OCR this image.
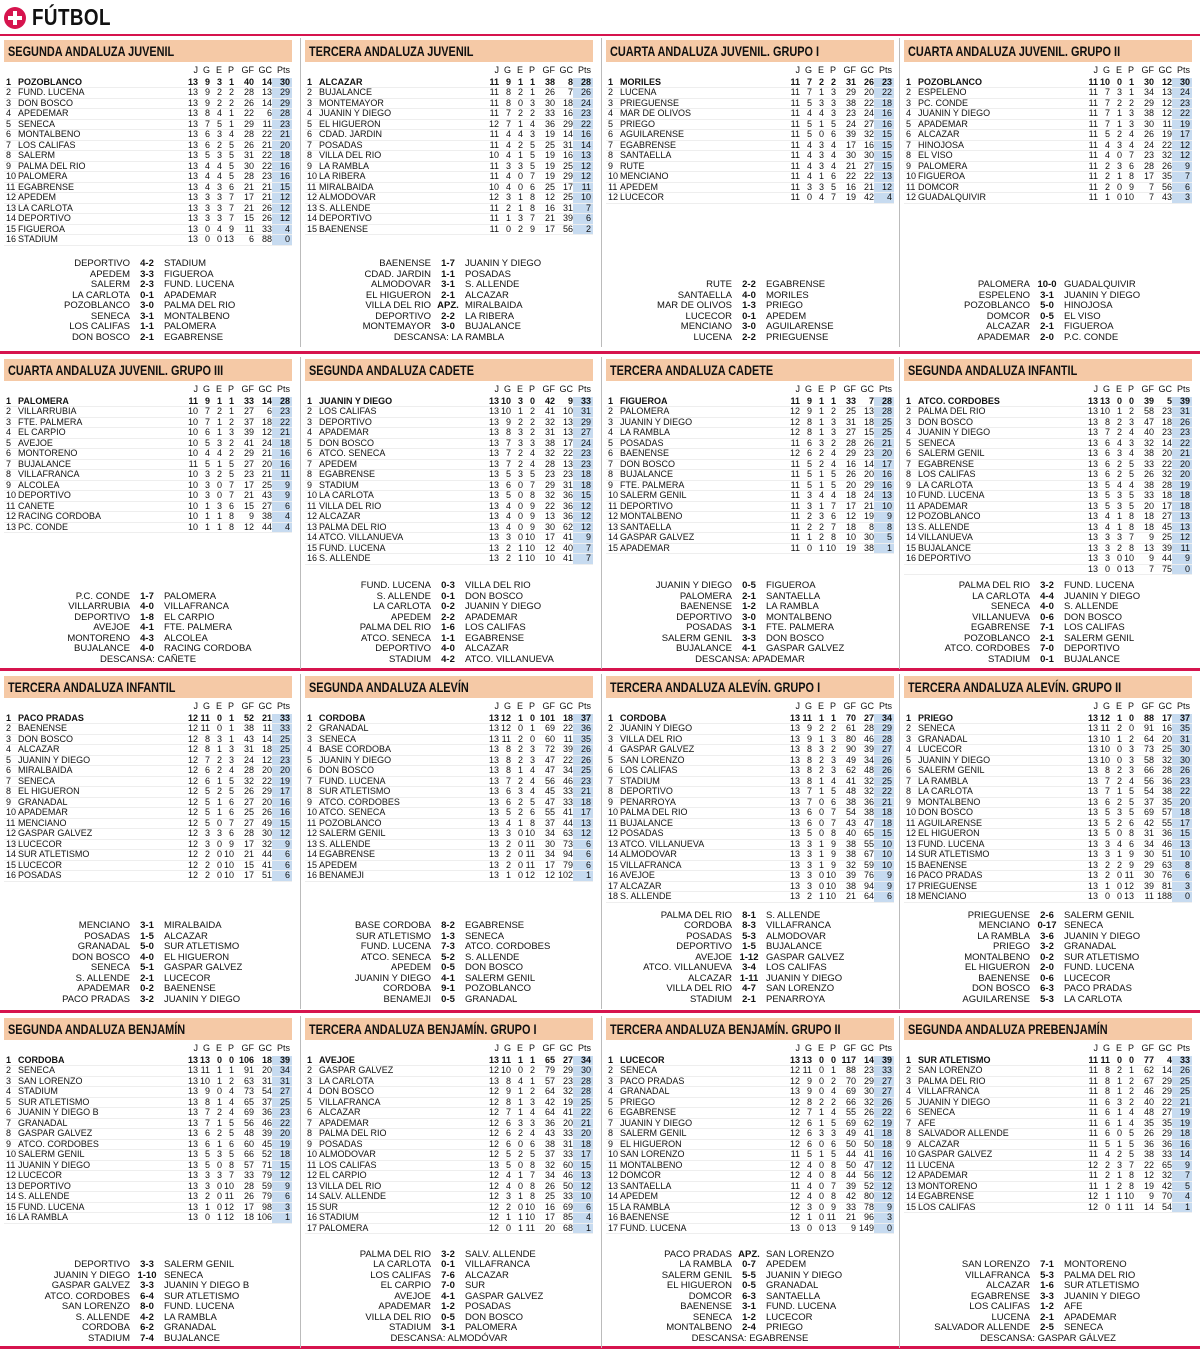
FÚTBOL
SEGUNDA ANDALUZA JUVENIL
		J	G	E	P	GF	GC	Pts
1	POZOBLANCO	13	9	3	1	40	14	30
2	FUND. LUCENA	13	9	2	2	28	13	29
3	DON BOSCO	13	9	2	2	26	14	29
4	APEDEMAR	13	8	4	1	22	6	28
5	SÉNECA	13	7	5	1	29	11	23
6	MONTALBEÑO	13	6	3	4	28	22	21
7	LOS CALIFAS	13	6	2	5	26	21	20
8	SALERM	13	5	3	5	31	22	18
9	PALMA DEL RIO	13	4	4	5	30	22	16
10	PALOMERA	13	4	4	5	28	23	16
11	EGABRENSE	13	4	3	6	21	21	15
12	APEDEM	13	3	3	7	17	21	12
13	LA CARLOTA	13	3	3	7	21	26	12
14	DEPORTIVO	13	3	3	7	15	26	12
15	FIGUEROA	13	0	4	9	11	33	4
16	STADIUM	13	0	0	13	6	88	0
DEPORTIVO	4-2	STADIUM
APEDEM	3-3	FIGUEROA
SALERM	2-3	FUND. LUCENA
LA CARLOTA	0-1	APADEMAR
POZOBLANCO	3-0	PALMA DEL RÍO
SÉNECA	3-1	MONTALBEÑO
LOS CALIFAS	1-1	PALOMERA
DON BOSCO	2-1	EGABRENSE
TERCERA ANDALUZA JUVENIL
		J	G	E	P	GF	GC	Pts
1	ALCAZAR	11	9	1	1	38	8	28
2	BUJALANCE	11	8	2	1	26	7	26
3	MONTEMAYOR	11	8	0	3	30	18	24
4	JUANIN Y DIEGO	11	7	2	2	33	16	23
5	EL HIGUERÓN	12	7	1	4	36	29	22
6	CDAD. JARDÍN	11	4	4	3	19	14	16
7	POSADAS	11	4	2	5	25	31	14
8	VILLA DEL RÍO	10	4	1	5	19	16	13
9	LA RAMBLA	11	3	3	5	19	25	12
10	LA RIBERA	11	4	0	7	19	29	12
11	MIRALBAIDA	10	4	0	6	25	17	11
12	ALMODOVAR	12	3	1	8	12	25	10
13	S. ALLENDE	11	2	1	8	16	31	7
14	DEPORTIVO	11	1	3	7	21	39	6
15	BAENENSE	11	0	2	9	17	56	2
BAENENSE	1-7	JUANIN Y DIEGO
CDAD. JARDÍN	1-1	POSADAS
ALMODÓVAR	3-1	S. ALLENDE
EL HIGUERÓN	2-1	ALCÁZAR
VILLA DEL RÍO APZ. MIRALBAIDA
DEPORTIVO	2-2	LA RIBERA
MONTEMAYOR	3-0	BUJALANCE
DESCANSA: LA RAMBLA
CUARTA ANDALUZA JUVENIL. GRUPO I
		J	G	E	P	GF	GC	Pts
1	MORILES	11	7	2	2	31	26	23
2	LUCENA	11	7	1	3	29	20	22
3	PRIEGUENSE	11	5	3	3	38	22	18
4	MAR DE OLIVOS	11	4	4	3	23	24	16
5	PRIEGO	11	5	1	5	24	27	16
6	AGUILARENSE	11	5	0	6	39	32	15
7	EGABRENSE	11	4	3	4	17	16	15
8	SANTAELLA	11	4	3	4	30	30	15
9	RUTE	11	4	3	4	21	27	15
10	MENCIANO	11	4	1	6	22	22	13
11	APEDEM	11	3	3	5	16	21	12
12	LUCECOR	11	0	4	7	19	42	4
RUTE	2-2	EGABRENSE
SANTAELLA	4-0	MORILES
MAR DE OLIVOS	1-3	PRIEGO
LUCECOR	0-1	APEDEM
MENCIANO	3-0	AGUILARENSE
LUCENA	2-2	PRIEGUENSE
CUARTA ANDALUZA JUVENIL. GRUPO II
		J	G	E	P	GF	GC	Pts
1	POZOBLANCO	11	10	0	1	30	12	30
2	ESPELEÑO	11	7	3	1	34	13	24
3	PC. CONDE	11	7	2	2	29	12	23
4	JUANIN Y DIEGO	11	7	1	3	38	12	22
5	APADEMAR	11	7	1	3	30	11	19
6	ALCÁZAR	11	5	2	4	26	19	17
7	HINOJOSA	11	4	3	4	24	22	12
8	EL VISO	11	4	0	7	23	32	12
9	PALOMERA	11	2	3	6	28	26	9
10	FIGUEROA	11	2	1	8	17	35	7
11	DOMCOR	11	2	0	9	7	56	6
12	GUADALQUIVIR	11	1	0	10	7	43	3
PALOMERA 10-0 GUADALQUIVIR
ESPELEÑO	3-1	JUANIN Y DIEGO
POZOBLANCO	5-0	HINOJOSA
DOMCOR	0-5	EL VISO
ALCÁZAR	2-1	FIGUEROA
APADEMAR	2-0	P.C. CONDE
CUARTA ANDALUZA JUVENIL. GRUPO III
		J	G	E	P	GF	GC	Pts
1	PALOMERA	11	9	1	1	33	14	28
2	VILLARRUBIA	10	7	2	1	27	6	23
3	FTE. PALMERA	10	7	1	2	37	18	22
4	EL CARPIO	10	6	1	3	39	12	21
5	AVEJOE	10	5	3	2	41	24	18
6	MONTOREÑO	10	4	4	2	29	21	16
7	BUJALANCE	11	5	1	5	27	20	16
8	VILLAFRANCA	10	3	2	5	23	21	11
9	ALCOLEA	10	3	0	7	17	25	9
10	DEPORTIVO	10	3	0	7	21	43	9
11	CAÑETE	10	1	3	6	15	27	6
12	RACING CÓRDOBA	10	1	1	8	9	38	4
13	PC. CONDE	10	1	1	8	12	44	4
P.C. CONDE	1-7	PALOMERA
VILLARRUBIA	4-0	VILLAFRANCA
DEPORTIVO	1-8	EL CARPIO
AVEJOE	4-1	FTE. PALMERA
MONTOREÑO	4-3	ALCOLEA
BUJALANCE	4-0	RACING CÓRDOBA
DESCANSA: CAÑETE
SEGUNDA ANDALUZA CADETE
		J	G	E	P	GF	GC	Pts
1	JUANIN Y DIEGO	13	10	3	0	42	9	33
2	LOS CALIFAS	13	10	1	2	41	10	31
3	DEPORTIVO	13	9	2	2	32	13	29
4	APADEMAR	13	8	3	2	31	13	27
5	DON BOSCO	13	7	3	3	38	17	24
6	ATCO. SÉNECA	13	7	2	4	32	22	23
7	APEDEM	13	7	2	4	28	13	23
8	EGABRENSE	13	5	3	5	23	23	18
9	STADIUM	13	6	0	7	29	31	18
10	LA CARLOTA	13	5	0	8	32	36	15
11	VILLA DEL RÍO	13	4	0	9	22	36	12
12	ALCÁZAR	13	4	0	9	13	36	12
13	PALMA DEL RÍO	13	4	0	9	30	62	12
14	ATCO. VILLANUEVA	13	3	0	10	17	41	9
15	FUND. LUCENA	13	2	1	10	12	40	7
16	S. ALLENDE	13	2	1	10	10	41	7
FUND. LUCENA	0-3	VILLA DEL RÍO
S. ALLENDE	0-1	DON BOSCO
LA CARLOTA	0-2	JUANIN Y DIEGO
APEDEM	2-2	APADEMAR
PALMA DEL RÍO	1-6	LOS CALIFAS
ATCO. SÉNECA	1-1	EGABRENSE
DEPORTIVO	4-0	ALCÁZAR
STADIUM	4-2	ATCO. VILLANUEVA
TERCERA ANDALUZA CADETE
		J	G	E	P	GF	GC	Pts
1	FIGUEROA	11	9	1	1	33	7	28
2	PALOMERA	12	9	1	2	25	13	28
3	JUANIN Y DIEGO	12	8	1	3	31	18	25
4	LA RAMBLA	12	8	1	3	27	15	25
5	POSADAS	11	6	3	2	28	26	21
6	BAENENSE	12	6	2	4	29	23	20
7	DON BOSCO	11	5	2	4	16	14	17
8	BUJALANCE	11	5	1	5	26	20	16
9	FTE. PALMERA	11	5	1	5	20	29	16
10	SALERM GENIL	11	3	4	4	18	24	13
11	DEPORTIVO	11	3	1	7	17	21	10
12	MONTALBEÑO	11	2	3	6	12	19	9
13	SANTAELLA	11	2	2	7	18	8	8
14	GASPAR GALVEZ	11	1	2	8	10	30	5
15	APADEMAR	11	0	1	10	19	38	1
JUANIN Y DIEGO	0-5	FIGUEROA
PALOMERA	2-1	SANTAELLA
BAENENSE	1-2	LA RAMBLA
DEPORTIVO	3-0	MONTALBEÑO
POSADAS	3-1	FTE. PALMERA
SALERM GENIL	3-3	DON BOSCO
BUJALANCE	4-1	GASPAR GÁLVEZ
DESCANSA: APADEMAR
SEGUNDA ANDALUZA INFANTIL
		J	G	E	P	GF	GC	Pts
1	ATCO. CORDOBES	13	13	0	0	39	5	39
2	PALMA DEL RIO	13	10	1	2	58	23	31
3	DON BOSCO	13	8	2	3	47	18	26
4	JUANIN Y DIEGO	13	7	2	4	40	23	23
5	SÉNECA	13	6	4	3	32	14	22
6	SALERM GENIL	13	6	3	4	38	20	21
7	EGABRENSE	13	6	2	5	33	22	20
8	LOS CALIFAS	13	6	2	5	26	32	20
9	LA CARLOTA	13	5	4	4	38	28	19
10	FUND. LUCENA	13	5	3	5	33	18	18
11	APADEMAR	13	5	3	5	20	17	18
12	POZOBLANCO	13	4	1	8	18	27	13
13	S. ALLENDE	13	4	1	8	18	45	13
14	VILLANUEVA	13	3	3	7	9	25	12
15	BUJALANCE	13	3	2	8	13	39	11
16	DEPORTIVO	13	3	0	10	9	44	9
		13	0	0	13	7	75	0
PALMA DEL RÍO	3-2	FUND. LUCENA
LA CARLOTA	4-4	JUANIN Y DIEGO
SÉNECA	4-0	S. ALLENDE
VILLANUEVA	0-6	DON BOSCO
EGABRENSE	7-1	LOS CALIFAS
POZOBLANCO	2-1	SALERM GENIL
ATCO. CORDOBES	7-0	DEPORTIVO
STADIUM	0-1	BUJALANCE
TERCERA ANDALUZA INFANTIL
		J	G	E	P	GF	GC	Pts
1	PACO PRADAS	12	11	0	1	52	21	33
2	BAENENSE	12	11	0	1	38	11	33
3	DON BOSCO	12	8	3	1	43	14	25
4	ALCAZAR	12	8	1	3	31	18	25
5	JUANIN Y DIEGO	12	7	2	3	24	12	23
6	MIRALBAIDA	12	6	2	4	28	20	20
7	SÉNECA	12	6	1	5	32	22	19
8	EL HIGUERÓN	12	5	2	5	26	29	17
9	GRANADAL	12	5	1	6	27	20	16
10	APADEMAR	12	5	1	6	25	26	16
11	MENCIANO	12	5	0	7	27	49	15
12	GASPAR GALVEZ	12	3	3	6	28	30	12
13	LUCECOR	12	3	0	9	17	32	9
14	SUR ATLETISMO	12	2	0	10	21	44	6
15	LUCECOR	12	2	0	10	15	41	6
16	POSADAS	12	2	0	10	17	51	6
MENCIANO	3-1	MIRALBAIDA
POSADAS	1-5	ALCÁZAR
GRANADAL	5-0	SUR ATLETISMO
DON BOSCO	4-0	EL HIGUERÓN
SÉNECA	5-1	GASPAR GÁLVEZ
S. ALLENDE	2-1	LUCECOR
APADEMAR	0-2	BAENENSE
PACO PRADAS	3-2	JUANIN Y DIEGO
SEGUNDA ANDALUZA ALEVÍN
		J	G	E	P	GF	GC	Pts
1	CÓRDOBA	13	12	1	0	101	18	37
2	GRANADAL	13	12	0	1	69	22	36
3	SÉNECA	13	11	2	0	60	11	35
4	BASE CÓRDOBA	13	8	2	3	72	39	26
5	JUANIN Y DIEGO	13	8	2	3	47	22	26
6	DON BOSCO	13	8	1	4	47	34	25
7	FUND. LUCENA	13	7	2	4	56	46	23
8	SUR ATLETISMO	13	6	3	4	45	33	21
9	ATCO. CORDOBES	13	6	2	5	47	33	18
10	ATCO. SÉNECA	13	5	2	6	55	41	17
11	POZOBLANCO	13	4	1	8	37	44	13
12	SALERM GENIL	13	3	0	10	34	63	12
13	S. ALLENDE	13	2	0	11	30	73	6
14	EGABRENSE	13	2	0	11	34	94	6
15	APEDEM	13	2	0	11	17	79	6
16	BENAMEJI	13	1	0	12	12	102	1
BASE CÓRDOBA	8-2	EGABRENSE
SUR ATLETISMO	1-3	SÉNECA
FUND. LUCENA	7-3	ATCO. CORDOBÉS
ATCO. SÉNECA	5-2	S. ALLENDE
APEDEM	0-5	DON BOSCO
JUANIN Y DIEGO	4-1	SALERM GENIL
CÓRDOBA	9-1	POZOBLANCO
BENAMEJÍ	0-5	GRANADAL
TERCERA ANDALUZA ALEVÍN. GRUPO I
		J	G	E	P	GF	GC	Pts
1	CÓRDOBA	13	11	1	1	70	27	34
2	JUANIN Y DIEGO	13	9	2	2	61	28	29
3	VILLA DEL RÍO	13	9	1	3	80	46	28
4	GASPAR GALVEZ	13	8	3	2	90	39	27
5	SAN LORENZO	13	8	2	3	49	34	26
6	LOS CALIFAS	13	8	2	3	62	48	26
7	STADIUM	13	8	1	4	41	32	25
8	DEPORTIVO	13	7	1	5	48	32	22
9	PEÑARROYA	13	7	0	6	38	36	21
10	PALMA DEL RÍO	13	6	0	7	54	38	18
11	BUJALANCE	13	6	0	7	43	47	18
12	POSADAS	13	5	0	8	40	65	15
13	ATCO. VILLANUEVA	13	3	1	9	38	55	10
14	ALMODÓVAR	13	3	1	9	38	67	10
15	VILLAFRANCA	13	3	1	9	32	59	10
16	AVEJOE	13	3	0	10	39	76	9
17	ALCÁZAR	13	3	0	10	38	94	9
18	S. ALLENDE	13	2	1	10	21	64	6
PALMA DEL RÍO	8-1	S. ALLENDE
CÓRDOBA	8-3	VILLAFRANCA
POSADAS	5-3	ALMODÓVAR
DEPORTIVO	1-5	BUJALANCE
AVEJOE 1-12 GASPAR GÁLVEZ
ATCO. VILLANUEVA	3-4	LOS CALIFAS
ALCÁZAR 1-11 JUANIN Y DIEGO
VILLA DEL RÍO	4-7	SAN LORENZO
STADIUM	2-1	PEÑARROYA
TERCERA ANDALUZA ALEVÍN. GRUPO II
		J	G	E	P	GF	GC	Pts
1	PRIEGO	13	12	1	0	88	17	37
2	SÉNECA	13	11	2	0	91	16	35
3	GRANADAL	13	10	1	2	64	20	31
4	LUCECOR	13	10	0	3	73	25	30
5	JUANIN Y DIEGO	13	10	0	3	58	32	30
6	SALERM GENIL	13	8	2	3	66	28	26
7	LA RAMBLA	13	7	2	4	56	36	23
8	LA CARLOTA	13	7	1	5	54	38	22
9	MONTALBEÑO	13	6	2	5	37	35	20
10	DON BOSCO	13	5	3	5	69	57	18
11	AGUILARENSE	13	5	2	6	42	55	17
12	EL HIGUERÓN	13	5	0	8	31	36	15
13	FUND. LUCENA	13	3	4	6	34	46	13
14	SUR ATLETISMO	13	3	1	9	30	51	10
15	BAENENSE	13	2	2	9	29	63	8
16	PACO PRADAS	13	2	0	11	30	76	6
17	PRIEGUENSE	13	1	0	12	39	81	3
18	MENCIANO	13	0	0	13	11	188	0
PRIEGUENSE	2-6	SALERM GENIL
MENCIANO 0-17 SÉNECA
LA RAMBLA	3-6	JUANIN Y DIEGO
PRIEGO	3-2	GRANADAL
MONTALBEÑO	0-2	SUR ATLETISMO
EL HIGUERÓN	2-0	FUND. LUCENA
BAENENSE	0-6	LUCECOR
DON BOSCO	6-3	PACO PRADAS
AGUILARENSE	5-3	LA CARLOTA
SEGUNDA ANDALUZA BENJAMÍN
		J	G	E	P	GF	GC	Pts
1	CÓRDOBA	13	13	0	0	106	18	39
2	SÉNECA	13	11	1	1	91	20	34
3	SAN LORENZO	13	10	1	2	63	31	31
4	STADIUM	13	9	0	4	73	54	27
5	SUR ATLETISMO	13	8	1	4	65	37	25
6	JUANIN Y DIEGO B	13	7	2	4	69	36	23
7	GRANADAL	13	7	1	5	56	46	22
8	GASPAR GALVEZ	13	6	2	5	48	39	20
9	ATCO. CORDOBES	13	6	1	6	60	45	19
10	SALERM GENIL	13	5	3	5	66	52	18
11	JUANIN Y DIEGO	13	5	0	8	57	71	15
12	LUCECOR	13	3	3	7	33	79	12
13	DEPORTIVO	13	3	0	10	28	59	9
14	S. ALLENDE	13	2	0	11	26	79	6
15	FUND. LUCENA	13	1	0	12	17	98	3
16	LA RAMBLA	13	0	1	12	18	106	1
DEPORTIVO	3-3	SALERM GENIL
JUANIN Y DIEGO 1-10 SÉNECA
GASPAR GÁLVEZ	3-3	JUANIN Y DIEGO B
ATCO. CORDOBÉS	6-4	SUR ATLETISMO
SAN LORENZO	8-0	FUND. LUCENA
S. ALLENDE	4-2	LA RAMBLA
CÓRDOBA	6-2	GRANADAL
STADIUM	7-4	BUJALANCE
TERCERA ANDALUZA BENJAMÍN. GRUPO I
		J	G	E	P	GF	GC	Pts
1	AVEJOE	13	11	1	1	65	27	34
2	GASPAR GALVEZ	12	10	0	2	79	29	30
3	LA CARLOTA	13	8	4	1	57	23	28
4	DON BOSCO	12	9	1	2	64	32	28
5	VILLAFRANCA	12	8	1	3	42	19	25
6	ALCÁZAR	12	7	1	4	64	41	22
7	APADEMAR	12	6	3	3	36	20	21
8	PALMA DEL RÍO	12	6	2	4	43	33	20
9	POSADAS	12	6	0	6	38	31	18
10	ALMODÓVAR	12	5	2	5	37	33	17
11	LOS CALIFAS	13	5	0	8	32	60	15
12	EL CARPIO	12	4	1	7	34	46	13
13	VILLA DEL RÍO	12	4	0	8	26	50	12
14	SALV. ALLENDE	12	3	1	8	25	33	10
15	SUR	12	2	0	10	16	69	6
16	STADIUM	12	1	1	10	17	85	4
17	PALOMERA	12	0	1	11	20	68	1
PALMA DEL RÍO	3-2	SALV. ALLENDE
LA CARLOTA	0-1	VILLAFRANCA
LOS CALIFAS	7-6	ALCÁZAR
EL CARPIO	7-0	SUR
AVEJOE	4-1	GASPAR GÁLVEZ
APADEMAR	1-2	POSADAS
VILLA DEL RÍO	0-5	DON BOSCO
STADIUM	3-1	PALOMERA
DESCANSA: ALMODÓVAR
TERCERA ANDALUZA BENJAMÍN. GRUPO II
		J	G	E	P	GF	GC	Pts
1	LUCECOR	13	13	0	0	117	14	39
2	SÉNECA	12	11	0	1	88	23	33
3	PACO PRADAS	12	9	0	2	70	29	27
4	GRANADAL	13	9	0	4	69	30	27
5	PRIEGO	12	8	2	2	66	32	26
6	EGABRENSE	12	7	1	4	55	26	22
7	JUANIN Y DIEGO	12	6	1	5	69	62	19
8	SALERM GENIL	12	6	3	3	49	41	18
9	EL HIGUERÓN	12	6	0	6	50	50	18
10	SAN LORENZO	11	5	1	5	44	41	16
11	MONTALBEÑO	12	4	0	8	50	47	12
12	DOMCOR	12	4	0	8	44	56	12
13	SANTAELLA	11	4	0	7	39	52	12
14	APEDEM	12	4	0	8	42	80	12
15	LA RAMBLA	12	3	0	9	33	78	9
16	BAENENSE	12	1	0	11	21	96	3
17	FUND. LUCENA	13	0	0	13	9	149	0
PACO PRADAS APZ. SAN LORENZO
LA RAMBLA	0-7	APEDEM
SALERM GENIL	5-5	JUANIN Y DIEGO
EL HIGUERÓN	0-5	GRANADAL
DOMCOR	6-3	SANTAELLA
BAENENSE	3-1	FUND. LUCENA
SÉNECA	1-2	LUCECOR
MONTALBEÑO	2-4	PRIEGO
DESCANSA: EGABRENSE
SEGUNDA ANDALUZA PREBENJAMÍN
		J	G	E	P	GF	GC	Pts
1	SUR ATLETISMO	11	11	0	0	77	4	33
2	SAN LORENZO	11	8	2	1	62	14	26
3	PALMA DEL RÍO	11	8	1	2	67	29	25
4	VILLAFRANCA	11	8	1	2	46	29	25
5	JUANIN Y DIEGO	11	6	3	2	40	22	21
6	SÉNECA	11	6	1	4	48	27	19
7	AFE	11	6	1	4	35	35	19
8	SALVADOR ALLENDE	11	6	0	5	26	29	18
9	ALCÁZAR	11	5	1	5	36	36	16
10	GASPAR GALVEZ	11	4	2	5	38	33	14
11	LUCENA	12	2	3	7	22	65	9
12	APADEMAR	11	2	1	8	12	32	7
13	MONTOREÑO	11	1	2	8	19	42	5
14	EGABRENSE	12	1	1	10	9	70	4
15	LOS CALIFAS	12	0	1	11	14	54	1
SAN LORENZO	7-1	MONTOREÑO
VILLAFRANCA	5-3	PALMA DEL RÍO
ALCÁZAR	1-6	SUR ATLETISMO
EGABRENSE	3-3	JUANIN Y DIEGO
LOS CALIFAS	1-2	AFE
LUCENA	2-1	APADEMAR
SALVADOR ALLENDE	2-5	SÉNECA
DESCANSA: GASPAR GÁLVEZ
